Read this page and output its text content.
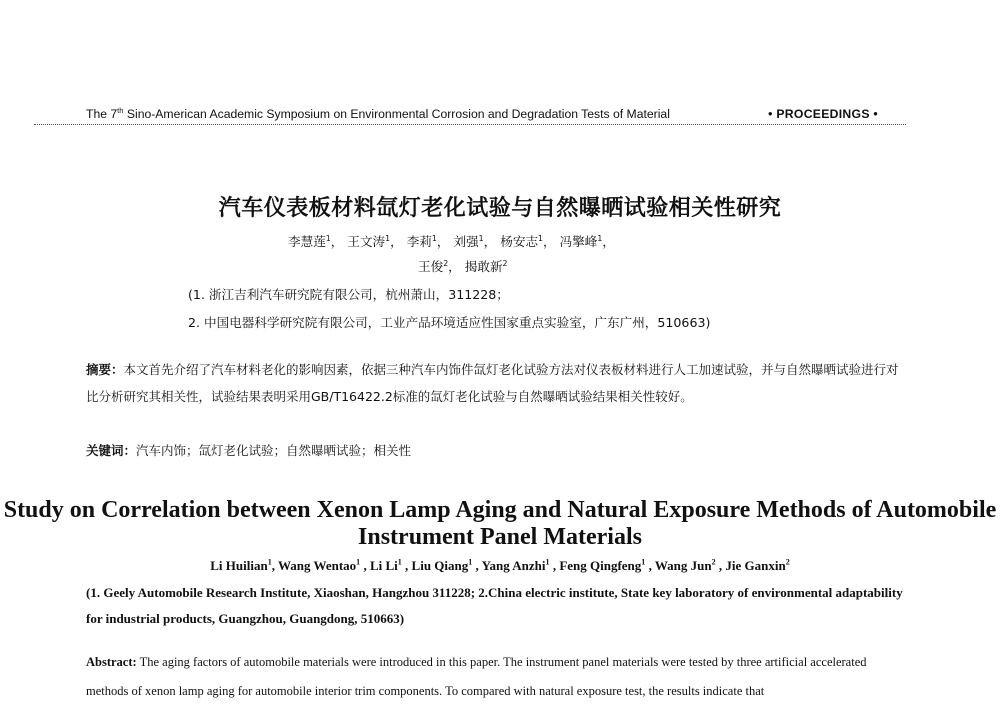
The 7th Sino-American Academic Symposium on Environmental Corrosion and Degradation Tests of Material	• PROCEEDINGS •
汽车仪表板材料氙灯老化试验与自然曝晒试验相关性研究
李慧莲$^1$， 王文涛$^1$， 李莉$^1$， 刘强$^1$， 杨安志$^1$， 冯擎峰$^1$，
王俊$^2$， 揭敢新$^2$
(1. 浙江吉利汽车研究院有限公司，杭州萧山，311228；
2. 中国电器科学研究院有限公司，工业产品环境适应性国家重点实验室，广东广州，510663)
摘要：本文首先介绍了汽车材料老化的影响因素，依据三种汽车内饰件氙灯老化试验方法对仪表板材料进行人工加速试验，并与自然曝晒试验进行对比分析研究其相关性，试验结果表明采用GB/T16422.2标准的氙灯老化试验与自然曝晒试验结果相关性较好。
关键词：汽车内饰；氙灯老化试验；自然曝晒试验；相关性
Study on Correlation between Xenon Lamp Aging and Natural Exposure Methods of Automobile Instrument Panel Materials
Li Huilian$^1$, Wang Wentao$^1$ , Li Li$^1$ , Liu Qiang$^1$ , Yang Anzhi$^1$ , Feng Qingfeng$^1$ , Wang Jun$^2$ , Jie Ganxin$^2$
(1. Geely Automobile Research Institute, Xiaoshan, Hangzhou 311228; 2.China electric institute, State key laboratory of environmental adaptability for industrial products, Guangzhou, Guangdong, 510663)
Abstract: The aging factors of automobile materials were introduced in this paper. The instrument panel materials were tested by three artificial accelerated methods of xenon lamp aging for automobile interior trim components. To compared with natural exposure test, the results indicate that
